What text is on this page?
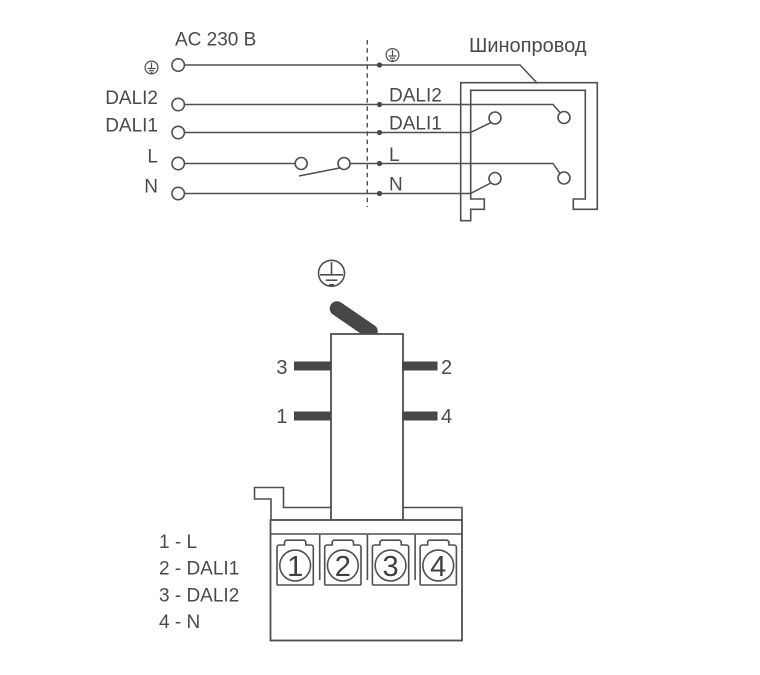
AC 230 B	Шинопровод
DALI2
DALI1
L
N
DALI2
DALI1
L
N
3	2
1	4
1 2 3 4
1 - L
2 - DALI1
3 - DALI2
4 - N
